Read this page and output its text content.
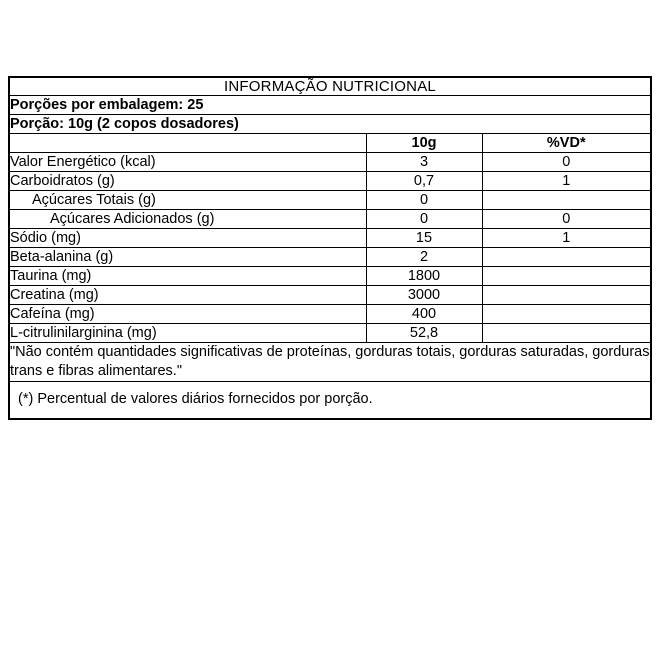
INFORMAÇÃO NUTRICIONAL		
Porções por embalagem: 25		
Porção: 10g (2 copos dosadores)		
	10g	%VD*
Valor Energético (kcal)	3	0
Carboidratos (g)	0,7	1
Açúcares Totais (g)	0	
Açúcares Adicionados (g)	0	0
Sódio (mg)	15	1
Beta-alanina (g)	2	
Taurina (mg)	1800	
Creatina (mg)	3000	
Cafeína (mg)	400	
L-citrulinilarginina (mg)	52,8	
"Não contém quantidades significativas de proteínas, gorduras totais, gorduras saturadas, gorduras trans e fibras alimentares."		
(*) Percentual de valores diários fornecidos por porção.		
